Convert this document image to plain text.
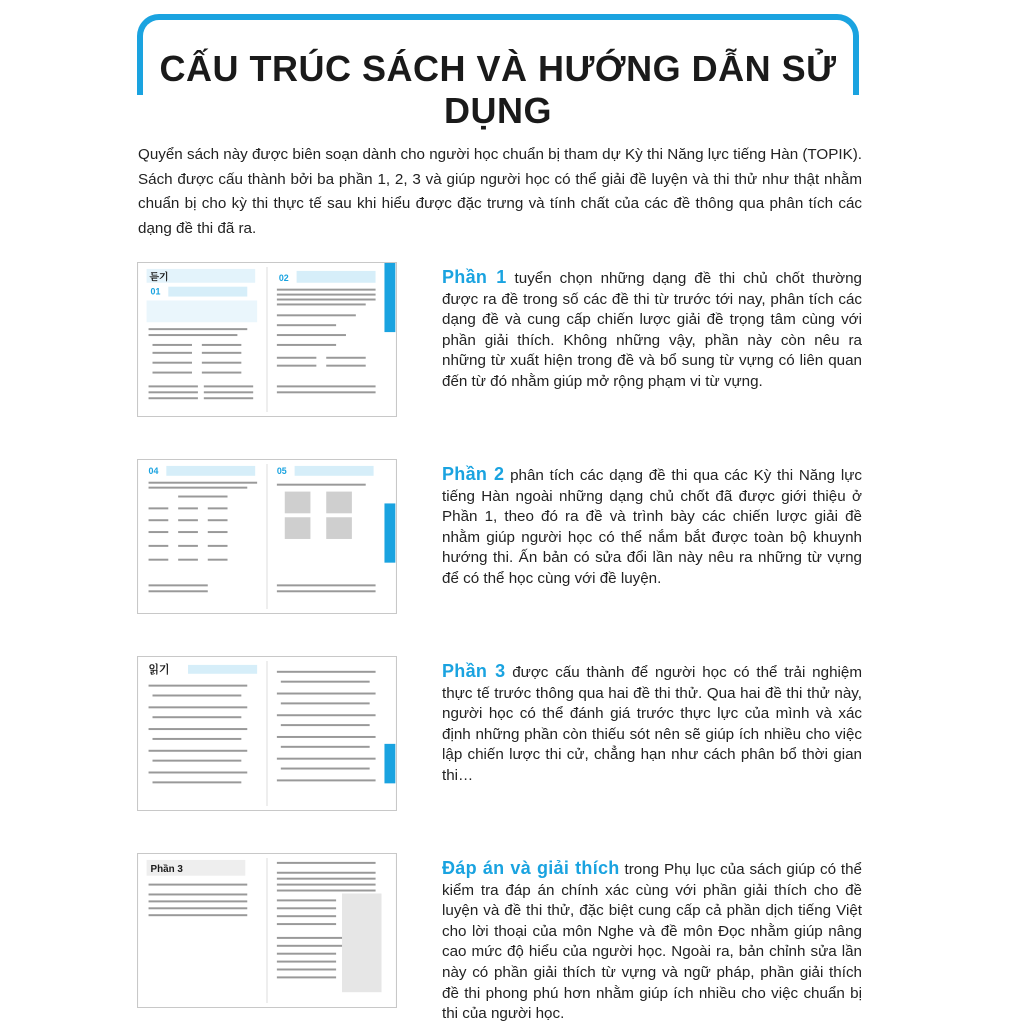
CẤU TRÚC SÁCH VÀ HƯỚNG DẪN SỬ DỤNG
Quyển sách này được biên soạn dành cho người học chuẩn bị tham dự Kỳ thi Năng lực tiếng Hàn (TOPIK). Sách được cấu thành bởi ba phần 1, 2, 3 và giúp người học có thể giải đề luyện và thi thử như thật nhằm chuẩn bị cho kỳ thi thực tế sau khi hiểu được đặc trưng và tính chất của các đề thông qua phân tích các dạng đề thi đã ra.
듣기
01
02	Phần 1 tuyển chọn những dạng đề thi chủ chốt thường được ra đề trong số các đề thi từ trước tới nay, phân tích các dạng đề và cung cấp chiến lược giải đề trọng tâm cùng với phần giải thích. Không những vậy, phần này còn nêu ra những từ xuất hiện trong đề và bổ sung từ vựng có liên quan đến từ đó nhằm giúp mở rộng phạm vi từ vựng.
04	05	Phần 2 phân tích các dạng đề thi qua các Kỳ thi Năng lực tiếng Hàn ngoài những dạng chủ chốt đã được giới thiệu ở Phần 1, theo đó ra đề và trình bày các chiến lược giải đề nhằm giúp người học có thể nắm bắt được toàn bộ khuynh hướng thi. Ấn bản có sửa đổi lần này nêu ra những từ vựng để có thể học cùng với đề luyện.
읽기	Phần 3 được cấu thành để người học có thể trải nghiệm thực tế trước thông qua hai đề thi thử. Qua hai đề thi thử này, người học có thể đánh giá trước thực lực của mình và xác định những phần còn thiếu sót nên sẽ giúp ích nhiều cho việc lập chiến lược thi cử, chẳng hạn như cách phân bổ thời gian thi…
Phần 3	Đáp án và giải thích trong Phụ lục của sách giúp có thể kiểm tra đáp án chính xác cùng với phần giải thích cho đề luyện và đề thi thử, đặc biệt cung cấp cả phần dịch tiếng Việt cho lời thoại của môn Nghe và đề môn Đọc nhằm giúp nâng cao mức độ hiểu của người học. Ngoài ra, bản chỉnh sửa lần này có phần giải thích từ vựng và ngữ pháp, phần giải thích đề thi phong phú hơn nhằm giúp ích nhiều cho việc chuẩn bị thi của người học.
